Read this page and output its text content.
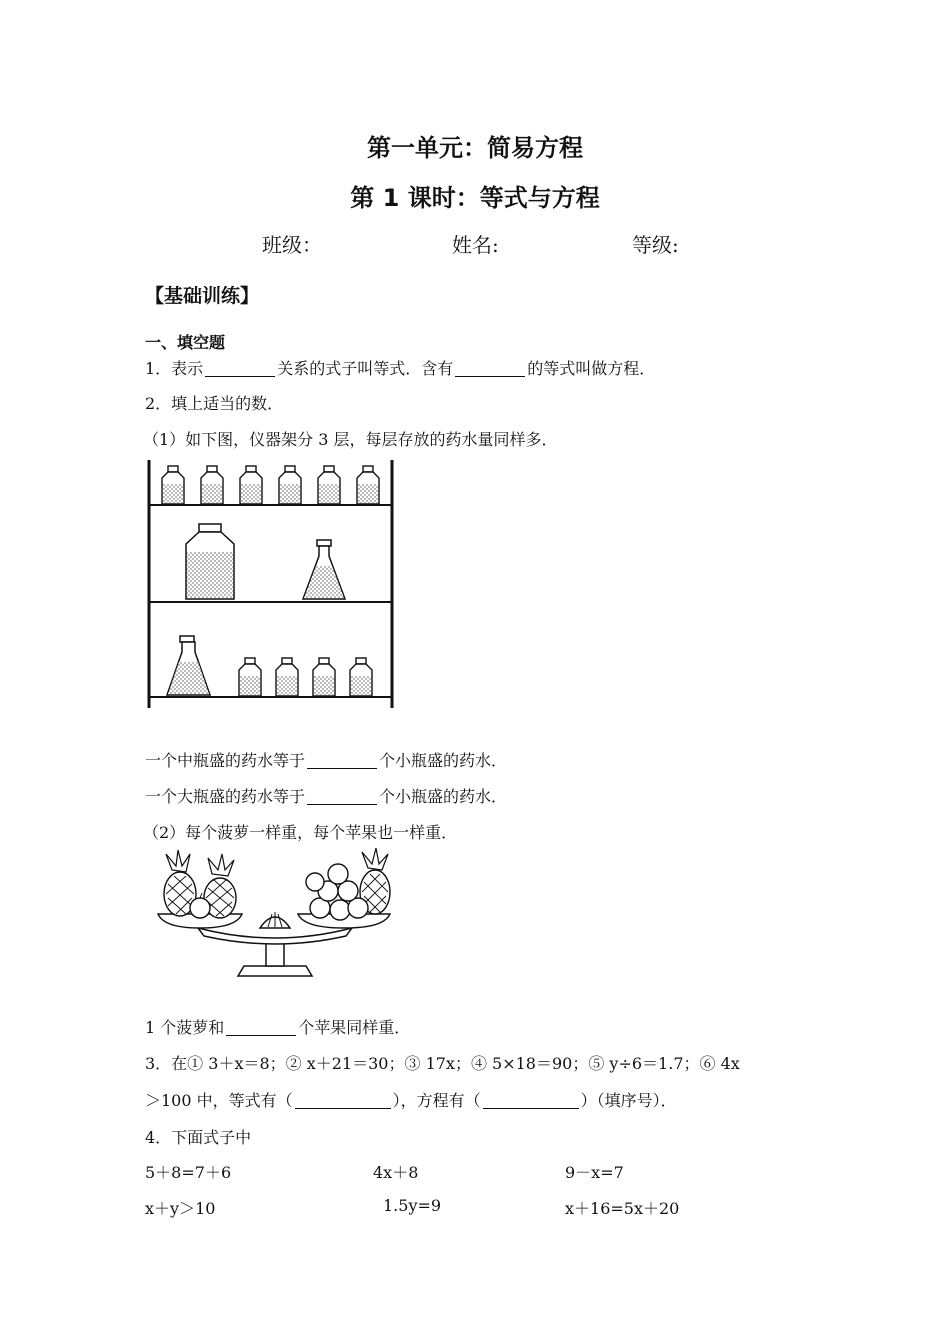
第一单元：简易方程
第 1 课时：等式与方程
班级：	姓名:	等级:
【基础训练】
一、填空题
1．表示	关系的式子叫等式．含有	的等式叫做方程．
2．填上适当的数．
（1）如下图，仪器架分 3 层，每层存放的药水量同样多．
一个中瓶盛的药水等于	个小瓶盛的药水．
一个大瓶盛的药水等于	个小瓶盛的药水．
（2）每个菠萝一样重，每个苹果也一样重．
1 个菠萝和	个苹果同样重．
3．在① 3＋x＝8；② x＋21＝30；③ 17x；④ 5×18＝90；⑤ y÷6＝1.7；⑥ 4x
＞100 中，等式有（	），方程有（	）（填序号）．
4．下面式子中
5＋8=7＋6	4x＋8	9－x=7
x＋y＞10	1.5y=9	x＋16=5x＋20
